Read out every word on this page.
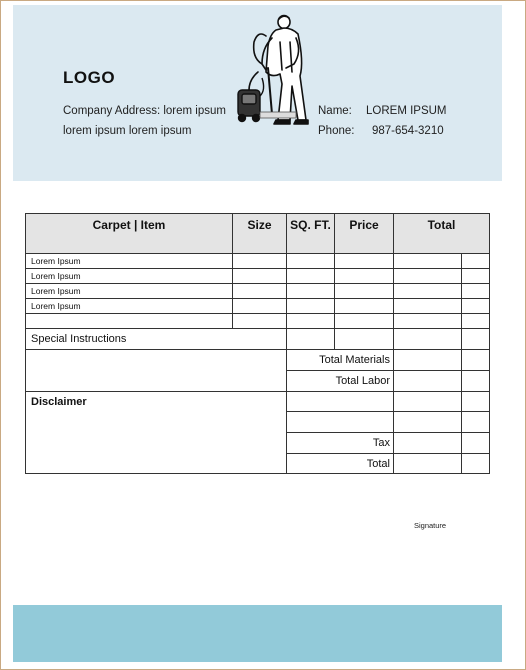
LOGO
Company Address: lorem ipsum
lorem ipsum lorem ipsum
Name: LOREM IPSUM
Phone: 987-654-3210
Carpet | Item	Size	SQ. FT.	Price	Total	
Lorem Ipsum					
Lorem Ipsum					
Lorem Ipsum					
Lorem Ipsum					

Special Instructions					
		Total Materials			
		Total Labor			
Disclaimer					

		Tax			
		Total			
Signature
